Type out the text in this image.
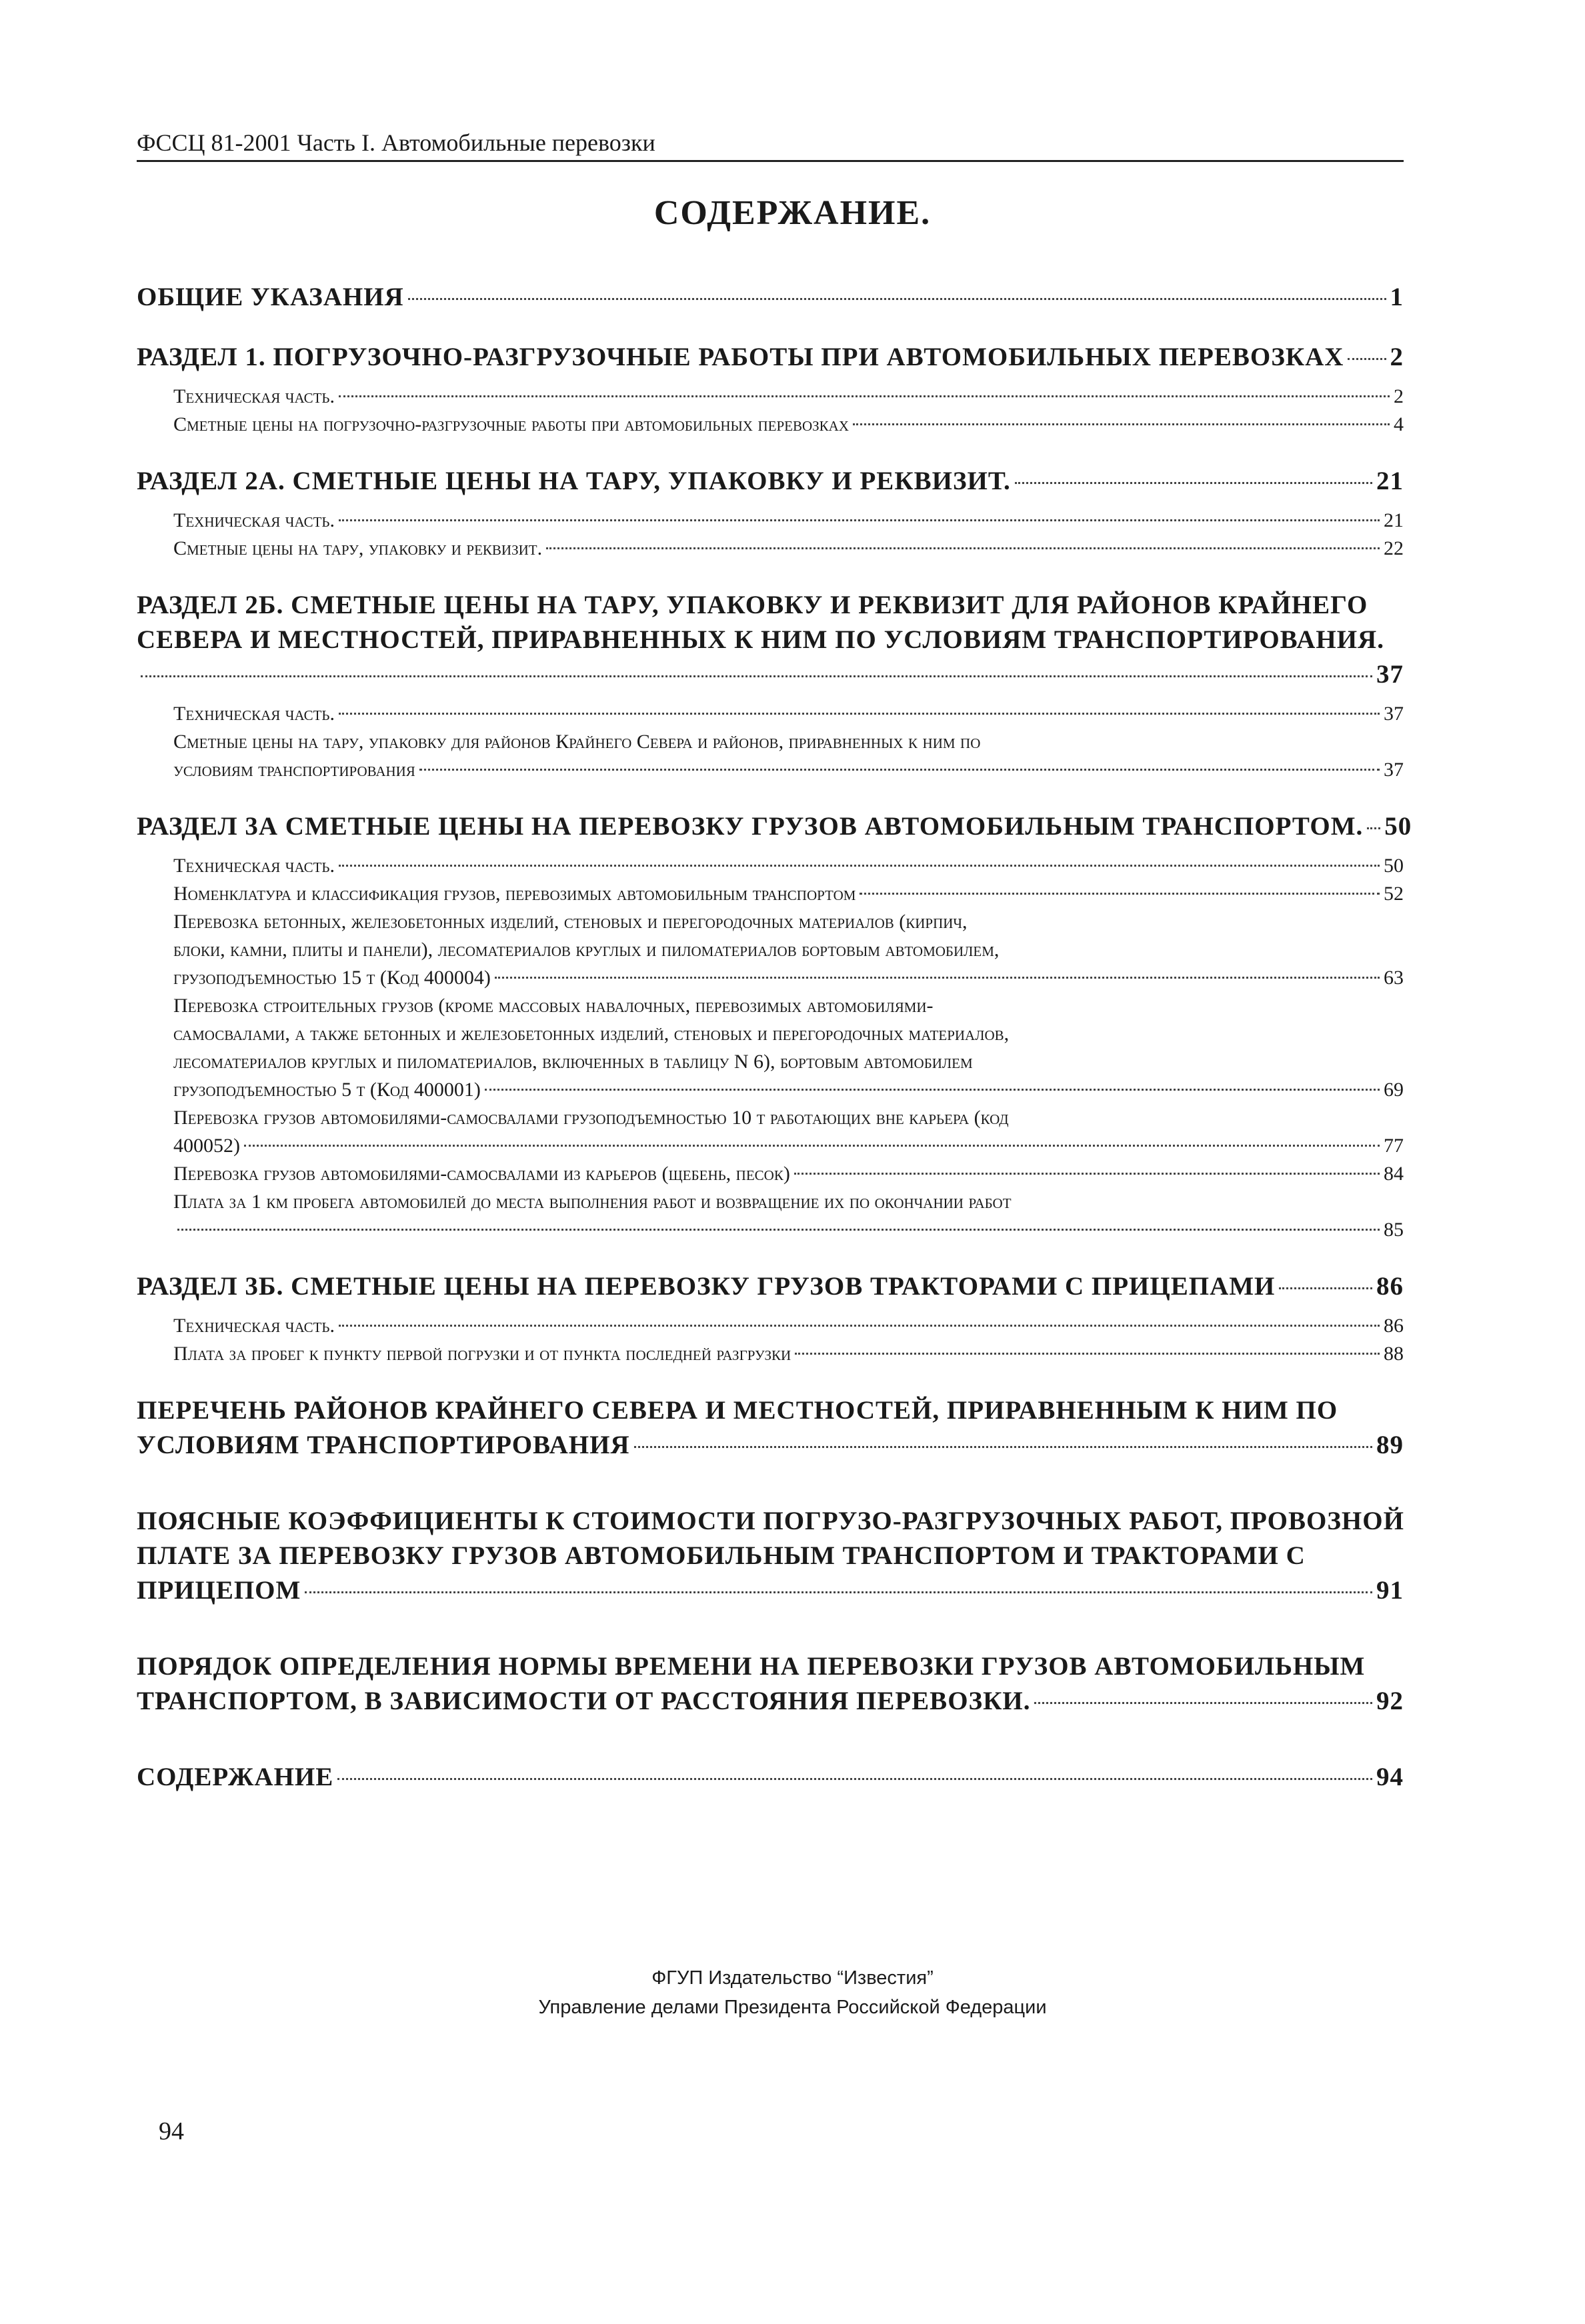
ФССЦ 81-2001 Часть I. Автомобильные перевозки
СОДЕРЖАНИЕ.
ОБЩИЕ УКАЗАНИЯ	1
РАЗДЕЛ 1. ПОГРУЗОЧНО-РАЗГРУЗОЧНЫЕ РАБОТЫ ПРИ АВТОМОБИЛЬНЫХ ПЕРЕВОЗКАХ 2
Техническая часть.	2
Сметные цены на погрузочно-разгрузочные работы при автомобильных перевозках	4
РАЗДЕЛ 2А. СМЕТНЫЕ ЦЕНЫ НА ТАРУ, УПАКОВКУ И РЕКВИЗИТ.	21
Техническая часть.	21
Сметные цены на тару, упаковку и реквизит.	22
РАЗДЕЛ 2Б. СМЕТНЫЕ ЦЕНЫ НА ТАРУ, УПАКОВКУ И РЕКВИЗИТ ДЛЯ РАЙОНОВ КРАЙНЕГО
СЕВЕРА И МЕСТНОСТЕЙ, ПРИРАВНЕННЫХ К НИМ ПО УСЛОВИЯМ ТРАНСПОРТИРОВАНИЯ.
37
Техническая часть.	37
Сметные цены на тару, упаковку для районов Крайнего Севера и районов, приравненных к ним по
условиям транспортирования	37
РАЗДЕЛ 3А СМЕТНЫЕ ЦЕНЫ НА ПЕРЕВОЗКУ ГРУЗОВ АВТОМОБИЛЬНЫМ ТРАНСПОРТОМ. 50
Техническая часть.	50
Номенклатура и классификация грузов, перевозимых автомобильным транспортом	52
Перевозка бетонных, железобетонных изделий, стеновых и перегородочных материалов (кирпич,
блоки, камни, плиты и панели), лесоматериалов круглых и пиломатериалов бортовым автомобилем,
грузоподъемностью 15 т (Код 400004)	63
Перевозка строительных грузов (кроме массовых навалочных, перевозимых автомобилями-
самосвалами, а также бетонных и железобетонных изделий, стеновых и перегородочных материалов,
лесоматериалов круглых и пиломатериалов, включенных в таблицу N 6), бортовым автомобилем
грузоподъемностью 5 т (Код 400001)	69
Перевозка грузов автомобилями-самосвалами грузоподъемностью 10 т работающих вне карьера (код
400052)	77
Перевозка грузов автомобилями-самосвалами из карьеров (щебень, песок)	84
Плата за 1 км пробега автомобилей до места выполнения работ и возвращение их по окончании работ
85
РАЗДЕЛ 3Б. СМЕТНЫЕ ЦЕНЫ НА ПЕРЕВОЗКУ ГРУЗОВ ТРАКТОРАМИ С ПРИЦЕПАМИ	86
Техническая часть.	86
Плата за пробег к пункту первой погрузки и от пункта последней разгрузки	88
ПЕРЕЧЕНЬ РАЙОНОВ КРАЙНЕГО СЕВЕРА И МЕСТНОСТЕЙ, ПРИРАВНЕННЫМ К НИМ ПО
УСЛОВИЯМ ТРАНСПОРТИРОВАНИЯ	89
ПОЯСНЫЕ КОЭФФИЦИЕНТЫ К СТОИМОСТИ ПОГРУЗО-РАЗГРУЗОЧНЫХ РАБОТ, ПРОВОЗНОЙ
ПЛАТЕ ЗА ПЕРЕВОЗКУ ГРУЗОВ АВТОМОБИЛЬНЫМ ТРАНСПОРТОМ И ТРАКТОРАМИ С
ПРИЦЕПОМ	91
ПОРЯДОК ОПРЕДЕЛЕНИЯ НОРМЫ ВРЕМЕНИ НА ПЕРЕВОЗКИ ГРУЗОВ АВТОМОБИЛЬНЫМ
ТРАНСПОРТОМ, В ЗАВИСИМОСТИ ОТ РАССТОЯНИЯ ПЕРЕВОЗКИ.	92
СОДЕРЖАНИЕ	94
ФГУП Издательство “Известия”
Управление делами Президента Российской Федерации
94
